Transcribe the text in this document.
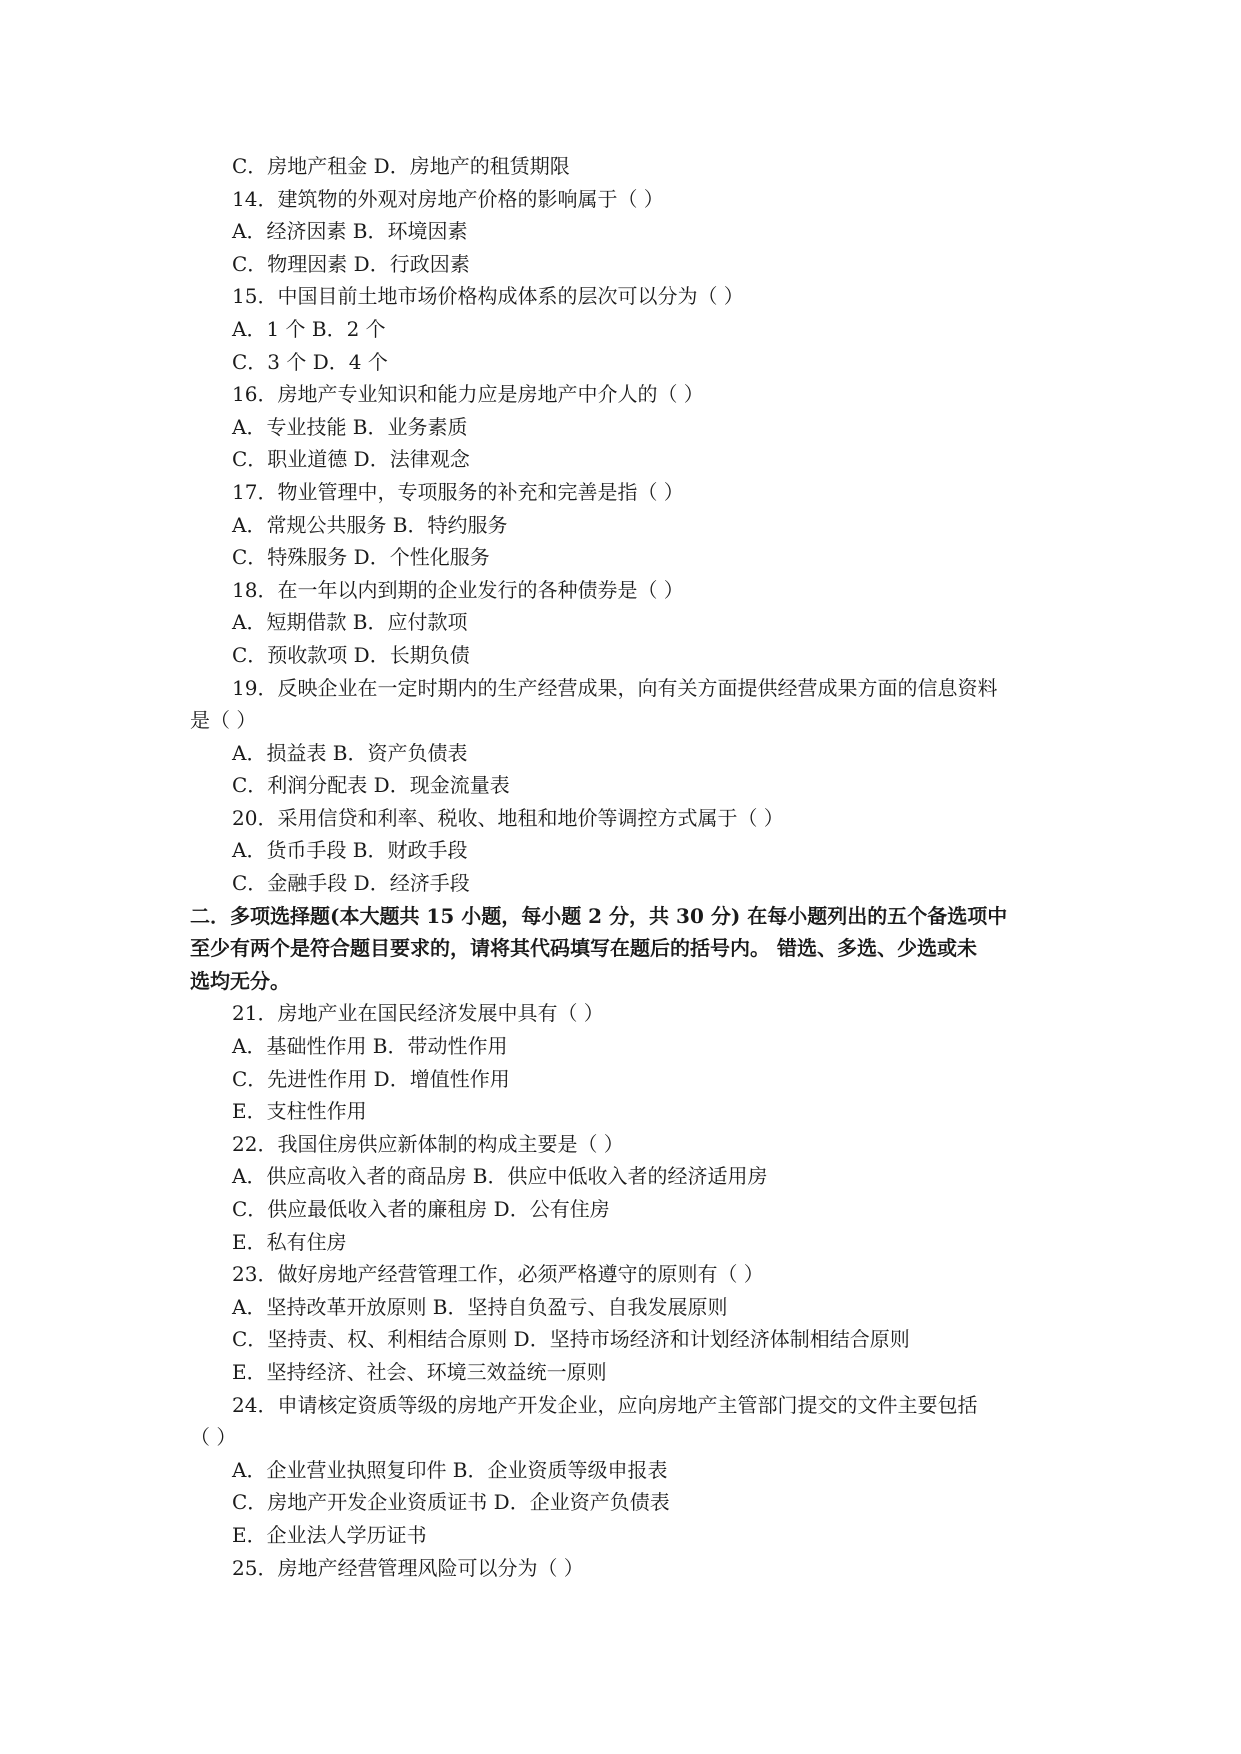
C．房地产租金 D．房地产的租赁期限
14．建筑物的外观对房地产价格的影响属于（ ）
A．经济因素 B．环境因素
C．物理因素 D．行政因素
15．中国目前土地市场价格构成体系的层次可以分为（ ）
A．1 个 B．2 个
C．3 个 D．4 个
16．房地产专业知识和能力应是房地产中介人的（ ）
A．专业技能 B．业务素质
C．职业道德 D．法律观念
17．物业管理中，专项服务的补充和完善是指（ ）
A．常规公共服务 B．特约服务
C．特殊服务 D．个性化服务
18．在一年以内到期的企业发行的各种债券是（ ）
A．短期借款 B．应付款项
C．预收款项 D．长期负债
19．反映企业在一定时期内的生产经营成果，向有关方面提供经营成果方面的信息资料
是（ ）
A．损益表 B．资产负债表
C．利润分配表 D．现金流量表
20．采用信贷和利率、税收、地租和地价等调控方式属于（ ）
A．货币手段 B．财政手段
C．金融手段 D．经济手段
二．多项选择题(本大题共 15 小题，每小题 2 分，共 30 分) 在每小题列出的五个备选项中
至少有两个是符合题目要求的，请将其代码填写在题后的括号内。 错选、多选、少选或未
选均无分。
21．房地产业在国民经济发展中具有（ ）
A．基础性作用 B．带动性作用
C．先进性作用 D．增值性作用
E．支柱性作用
22．我国住房供应新体制的构成主要是（ ）
A．供应高收入者的商品房 B．供应中低收入者的经济适用房
C．供应最低收入者的廉租房 D．公有住房
E．私有住房
23．做好房地产经营管理工作，必须严格遵守的原则有（ ）
A．坚持改革开放原则 B．坚持自负盈亏、自我发展原则
C．坚持责、权、利相结合原则 D．坚持市场经济和计划经济体制相结合原则
E．坚持经济、社会、环境三效益统一原则
24．申请核定资质等级的房地产开发企业，应向房地产主管部门提交的文件主要包括
（ ）
A．企业营业执照复印件 B．企业资质等级申报表
C．房地产开发企业资质证书 D．企业资产负债表
E．企业法人学历证书
25．房地产经营管理风险可以分为（ ）
